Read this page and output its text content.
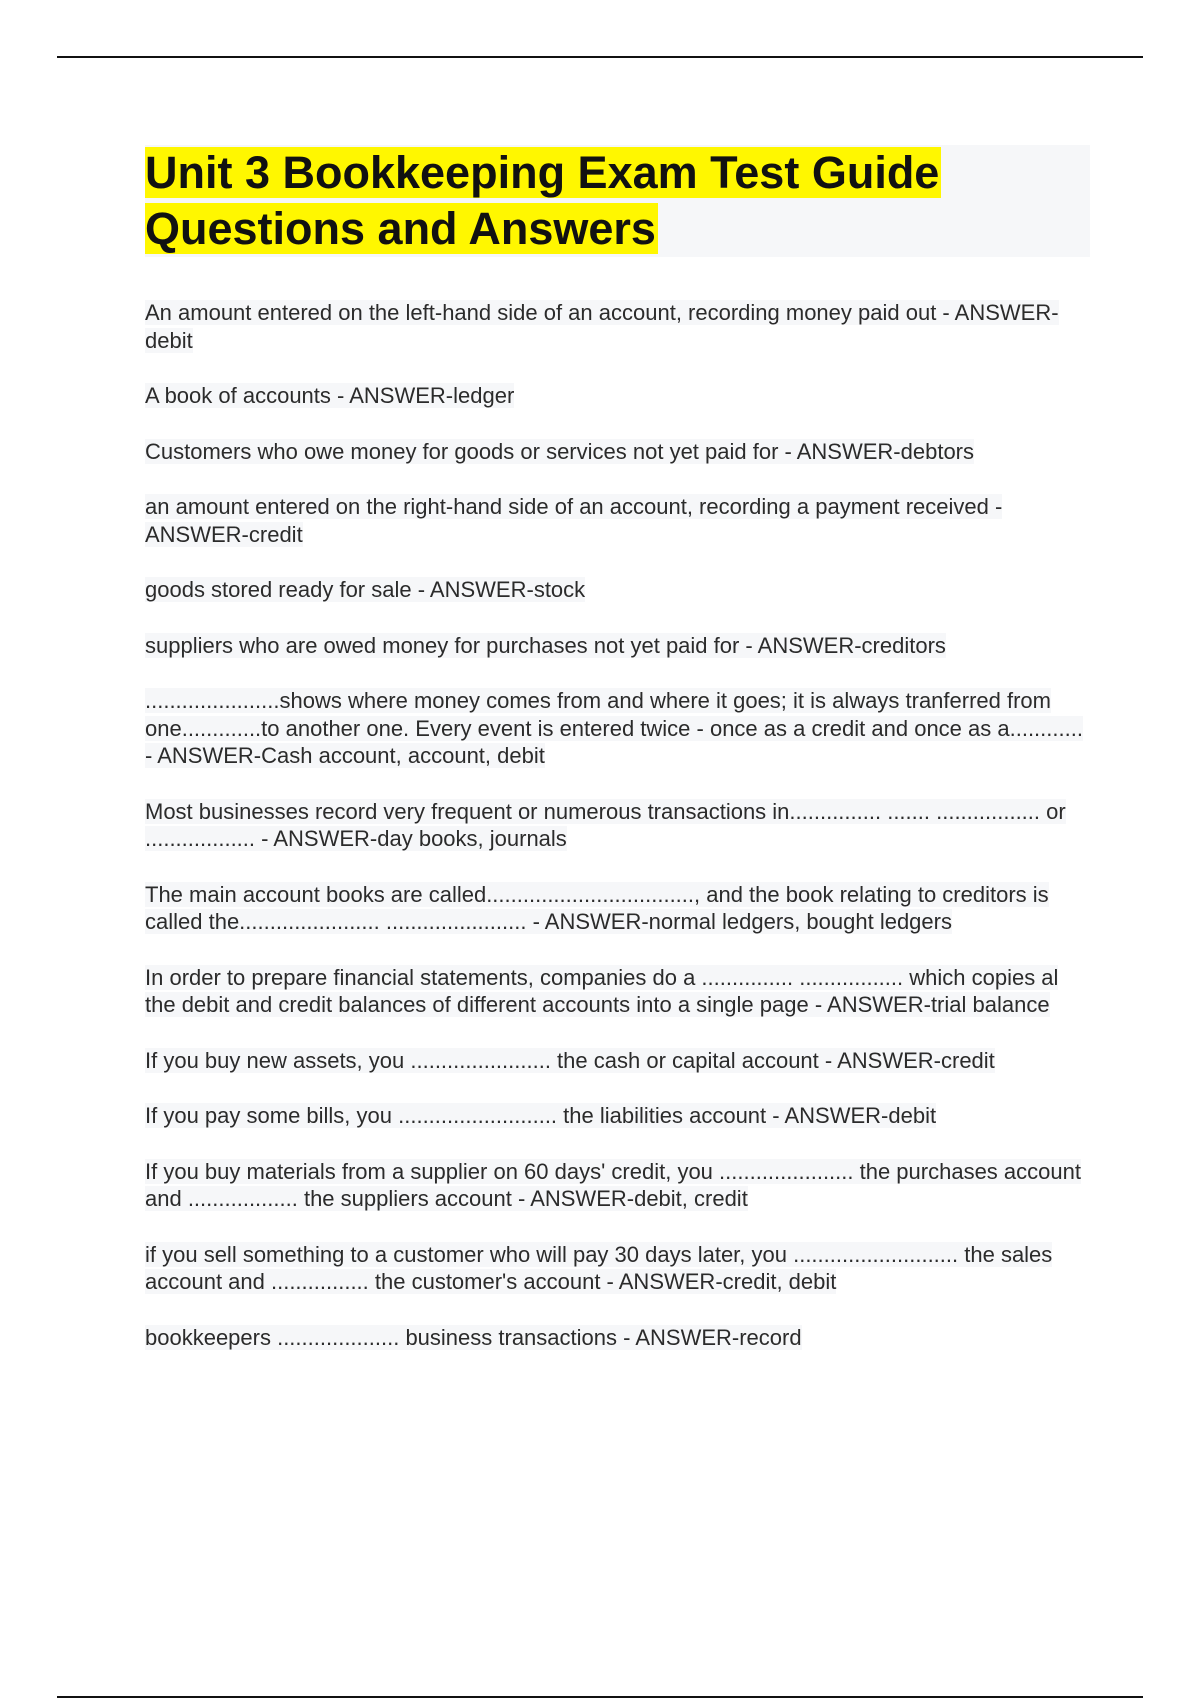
Unit 3 Bookkeeping Exam Test Guide Questions and Answers
An amount entered on the left-hand side of an account, recording money paid out - ANSWER-debit
A book of accounts - ANSWER-ledger
Customers who owe money for goods or services not yet paid for - ANSWER-debtors
an amount entered on the right-hand side of an account, recording a payment received - ANSWER-credit
goods stored ready for sale - ANSWER-stock
suppliers who are owed money for purchases not yet paid for - ANSWER-creditors
......................shows where money comes from and where it goes; it is always tranferred from one.............to another one. Every event is entered twice - once as a credit and once as a............ - ANSWER-Cash account, account, debit
Most businesses record very frequent or numerous transactions in............... ....... ................. or .................. - ANSWER-day books, journals
The main account books are called.................................., and the book relating to creditors is called the....................... ....................... - ANSWER-normal ledgers, bought ledgers
In order to prepare financial statements, companies do a ............... ................. which copies al the debit and credit balances of different accounts into a single page - ANSWER-trial balance
If you buy new assets, you ....................... the cash or capital account - ANSWER-credit
If you pay some bills, you .......................... the liabilities account - ANSWER-debit
If you buy materials from a supplier on 60 days' credit, you ...................... the purchases account and .................. the suppliers account - ANSWER-debit, credit
if you sell something to a customer who will pay 30 days later, you ........................... the sales account and ................ the customer's account - ANSWER-credit, debit
bookkeepers .................... business transactions - ANSWER-record
